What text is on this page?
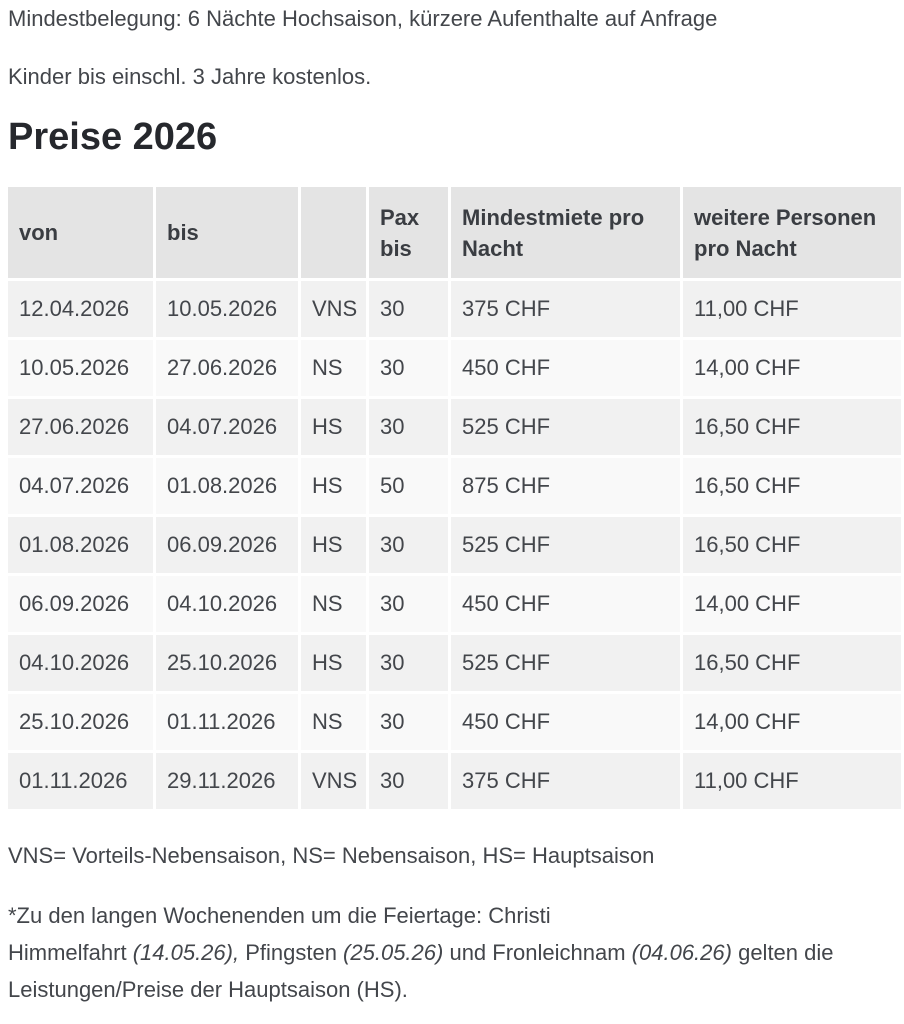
Mindestbelegung: 6 Nächte Hochsaison, kürzere Aufenthalte auf Anfrage

Kinder bis einschl. 3 Jahre kostenlos.

Preise 2026
von	bis		Pax bis	Mindestmiete pro Nacht	weitere Personen pro Nacht
12.04.2026	10.05.2026	VNS	30	375 CHF	11,00 CHF
10.05.2026	27.06.2026	NS	30	450 CHF	14,00 CHF
27.06.2026	04.07.2026	HS	30	525 CHF	16,50 CHF
04.07.2026	01.08.2026	HS	50	875 CHF	16,50 CHF
01.08.2026	06.09.2026	HS	30	525 CHF	16,50 CHF
06.09.2026	04.10.2026	NS	30	450 CHF	14,00 CHF
04.10.2026	25.10.2026	HS	30	525 CHF	16,50 CHF
25.10.2026	01.11.2026	NS	30	450 CHF	14,00 CHF
01.11.2026	29.11.2026	VNS	30	375 CHF	11,00 CHF

VNS= Vorteils-Nebensaison, NS= Nebensaison, HS= Hauptsaison

*Zu den langen Wochenenden um die Feiertage: Christi
Himmelfahrt (14.05.26), Pfingsten (25.05.26) und Fronleichnam (04.06.26) gelten die
Leistungen/Preise der Hauptsaison (HS).
